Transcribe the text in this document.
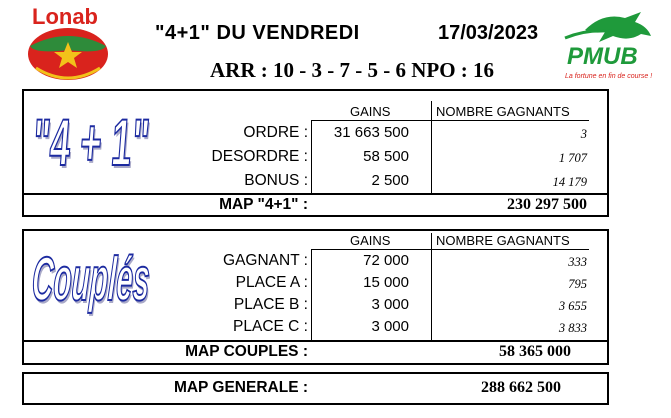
Lonab
"4+1" DU VENDREDI	17/03/2023
ARR : 10 - 3 - 7 - 5 - 6 NPO : 16	PMUB
La fortune en fin de course !
"4 + 1"	GAINS	NOMBRE GAGNANTS
ORDRE : 31 663 500	3
DESORDRE :	58 500	1 707
BONUS :	2 500	14 179
MAP "4+1" :	230 297 500
Couplés
GAINS	NOMBRE GAGNANTS
GAGNANT :	72 000	333
PLACE A :	15 000	795
PLACE B :	3 000	3 655
PLACE C :	3 000	3 833
MAP COUPLES :	58 365 000
MAP GENERALE :	288 662 500
